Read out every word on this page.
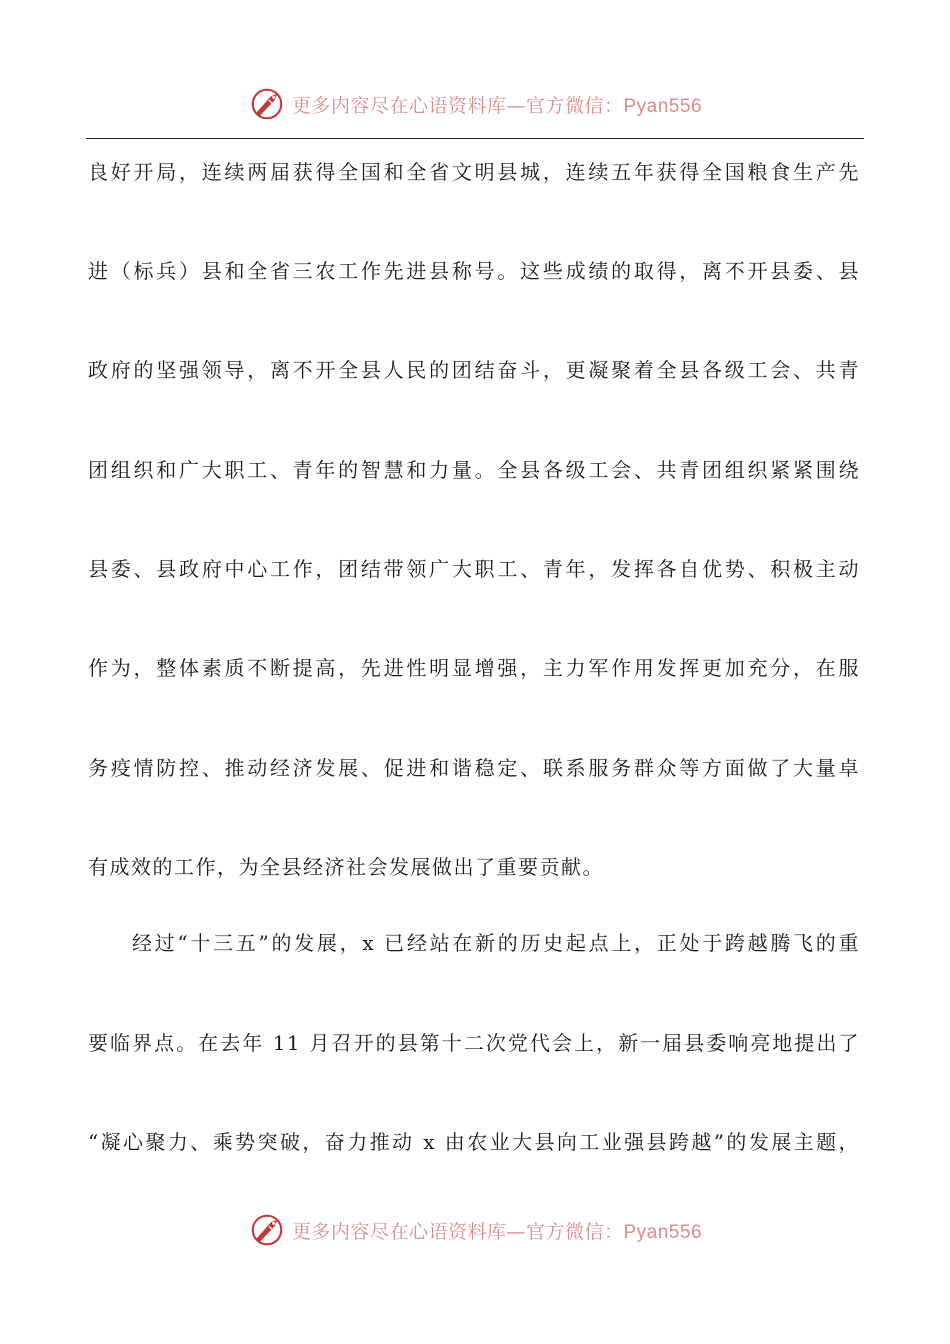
更多内容尽在心语资料库—官方微信：Pyan556
良好开局，连续两届获得全国和全省文明县城，连续五年获得全国粮食生产先
进（标兵）县和全省三农工作先进县称号。这些成绩的取得，离不开县委、县
政府的坚强领导，离不开全县人民的团结奋斗，更凝聚着全县各级工会、共青
团组织和广大职工、青年的智慧和力量。全县各级工会、共青团组织紧紧围绕
县委、县政府中心工作，团结带领广大职工、青年，发挥各自优势、积极主动
作为，整体素质不断提高，先进性明显增强，主力军作用发挥更加充分，在服
务疫情防控、推动经济发展、促进和谐稳定、联系服务群众等方面做了大量卓
有成效的工作，为全县经济社会发展做出了重要贡献。
经过“十三五”的发展，x 已经站在新的历史起点上，正处于跨越腾飞的重
要临界点。在去年 11 月召开的县第十二次党代会上，新一届县委响亮地提出了
“凝心聚力、乘势突破，奋力推动 x 由农业大县向工业强县跨越”的发展主题，
更多内容尽在心语资料库—官方微信：Pyan556
